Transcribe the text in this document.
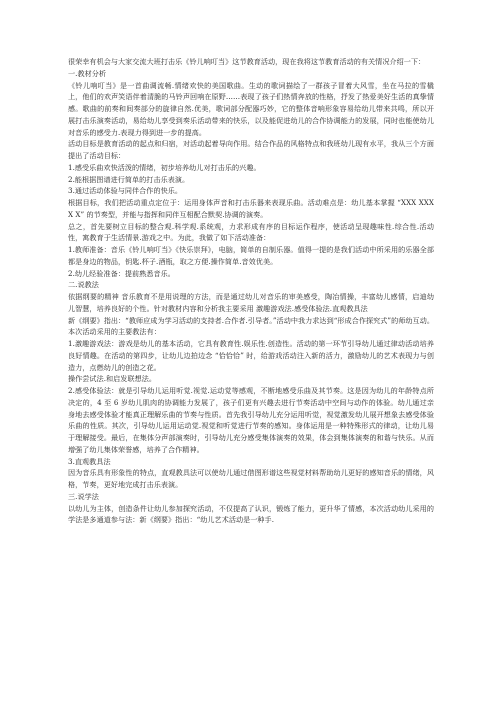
很荣幸有机会与大家交流大班打击乐《铃儿响叮当》这节教育活动，现在我将这节教育活动的有关情况介绍一下：

一.教材分析

《铃儿响叮当》是一首曲调流畅.情绪欢快的美国歌曲。生动的歌词描绘了一群孩子冒着大风雪，坐在马拉的雪橇上，他们的欢声笑语伴着清脆的马铃声回响在原野……表现了孩子们热情奔放的性格，抒发了热爱美好生活的真挚情感。歌曲的前奏和间奏部分的旋律自然.优美，歌词部分配器巧妙，它的整体音响形象容易给幼儿带来共鸣，所以开展打击乐演奏活动，易给幼儿享受到奏乐活动带来的快乐，以及能促进幼儿的合作协调能力的发展，同时也能使幼儿对音乐的感受力.表现力得到进一步的提高。

活动目标是教育活动的起点和归宿，对活动起着导向作用。结合作品的风格特点和我班幼儿现有水平，我从三个方面提出了活动目标：

1.感受乐曲欢快活泼的情绪，初步培养幼儿对打击乐的兴趣。

2.能根据图谱进行简单的打击乐表演。

3.通过活动体验与同伴合作的快乐。

根据目标，我们把活动重点定位于：运用身体声音和打击乐器来表现乐曲。活动难点是：幼儿基本掌握 “XXX XXX X X” 的节奏型，并能与指挥和同伴互相配合默契.协调的演奏。

总之，首先要树立目标的整合观.科学观.系统观，力求形成有序的目标运作程序，使活动呈现趣味性.综合性.活动性，寓教育于生活情景.游戏之中。为此，我做了如下活动准备：

1.教师准备：音乐《铃儿响叮当》《快乐崇拜》，电脑，简单的自制乐器。值得一提的是我们活动中所采用的乐器全部都是身边的物品，钥匙.杯子.酒瓶，取之方便.操作简单.音效优美。

2.幼儿经验准备：提前熟悉音乐。

二.说教法

依据纲要的精神 音乐教育不是用说理的方法，而是通过幼儿对音乐的审美感受，陶冶情操，丰富幼儿感情，启迪幼儿智慧，培养良好的个性。针对教材内容和分析我主要采用 激趣游戏法.感受体验法.直观教具法

新《纲要》指出：“教师应成为学习活动的支持者.合作者.引导者。”活动中我力求达到“形成合作探究式”的师幼互动。本次活动采用的主要教法有：

1.激趣游戏法：游戏是幼儿的基本活动，它具有教育性.娱乐性.创造性。活动的第一环节引导幼儿通过律动活动培养良好情趣。在活动的第四步，让幼儿边拍边念 “恰恰恰” 时，给游戏活动注入新的活力，激励幼儿的艺术表现力与创造力，点燃幼儿的创造之花。

操作尝试法.和启发联想法。

2.感受体验法：就是引导幼儿运用听觉.视觉.运动觉等感观，不断地感受乐曲及其节奏。这是因为幼儿的年龄特点所决定的，4 至 6 岁幼儿肌肉的协调能力发展了，孩子们更有兴趣去进行节奏活动中空间与动作的体验。幼儿通过亲身地去感受体验才能真正理解乐曲的节奏与性质。首先我引导幼儿充分运用听觉，视觉激发幼儿展开想象去感受体验乐曲的性质。其次，引导幼儿运用运动觉.视觉和听觉进行节奏的感知。身体运用是一种特殊形式的律动，让幼儿易于理解接受。最后，在集体分声部演奏时，引导幼儿充分感受集体演奏的效果，体会到集体演奏的和谐与快乐。从而增强了幼儿集体荣誉感，培养了合作精神。

3.直观教具法

因为音乐具有形象性的特点，直观教具法可以使幼儿通过借图形谱这些视觉材料帮助幼儿更好的感知音乐的情绪，风格，节奏，更好地完成打击乐表演。

三.说学法

以幼儿为主体，创造条件让幼儿参加探究活动，不仅提高了认识，锻炼了能力，更升华了情感，本次活动幼儿采用的学法是多通道参与法：新《纲要》指出：“幼儿艺术活动是一种手.
